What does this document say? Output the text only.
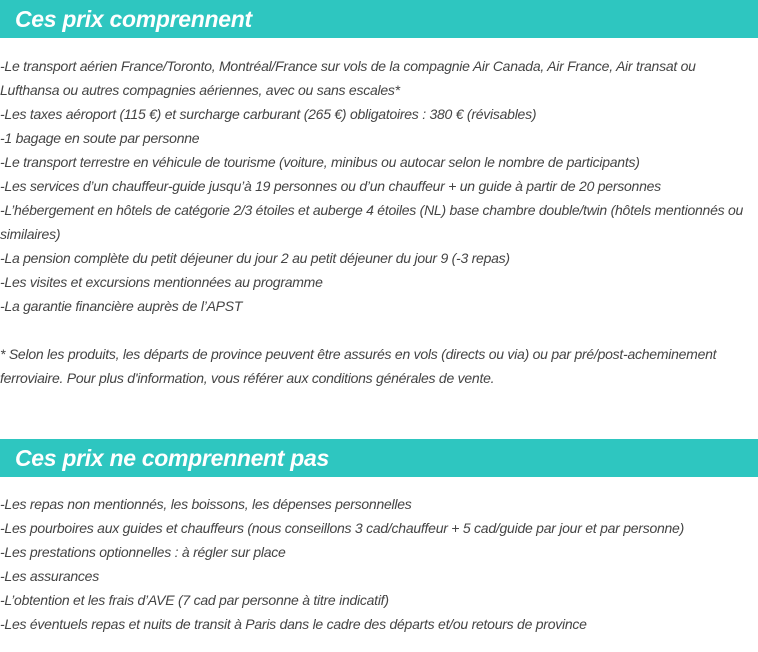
Ces prix comprennent
-Le transport aérien France/Toronto, Montréal/France sur vols de la compagnie Air Canada, Air France, Air transat ou Lufthansa ou autres compagnies aériennes, avec ou sans escales*
-Les taxes aéroport (115 €) et surcharge carburant (265 €) obligatoires : 380 € (révisables)
-1 bagage en soute par personne
-Le transport terrestre en véhicule de tourisme (voiture, minibus ou autocar selon le nombre de participants)
-Les services d’un chauffeur-guide jusqu’à 19 personnes ou d’un chauffeur + un guide à partir de 20 personnes
-L’hébergement en hôtels de catégorie 2/3 étoiles et auberge 4 étoiles (NL) base chambre double/twin (hôtels mentionnés ou similaires)
-La pension complète du petit déjeuner du jour 2 au petit déjeuner du jour 9 (-3 repas)
-Les visites et excursions mentionnées au programme
-La garantie financière auprès de l’APST

* Selon les produits, les départs de province peuvent être assurés en vols (directs ou via) ou par pré/post-acheminement ferroviaire. Pour plus d'information, vous référer aux conditions générales de vente.

Ces prix ne comprennent pas
-Les repas non mentionnés, les boissons, les dépenses personnelles
-Les pourboires aux guides et chauffeurs (nous conseillons 3 cad/chauffeur + 5 cad/guide par jour et par personne)
-Les prestations optionnelles : à régler sur place
-Les assurances
-L’obtention et les frais d’AVE (7 cad par personne à titre indicatif)
-Les éventuels repas et nuits de transit à Paris dans le cadre des départs et/ou retours de province
